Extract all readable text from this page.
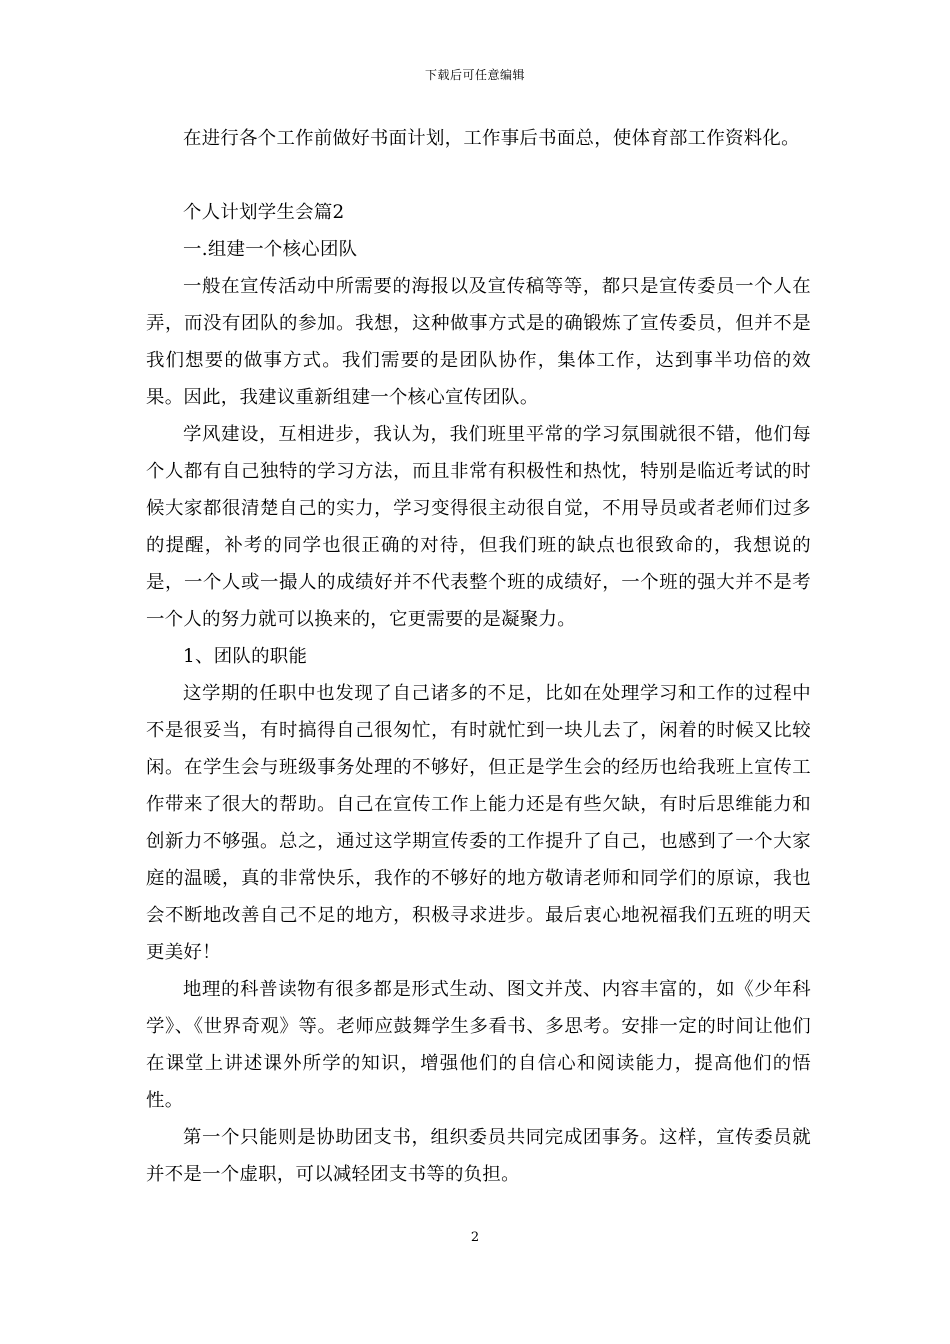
下载后可任意编辑

在进行各个工作前做好书面计划，工作事后书面总，使体育部工作资料化。

个人计划学生会篇2

一.组建一个核心团队

一般在宣传活动中所需要的海报以及宣传稿等等，都只是宣传委员一个人在弄，而没有团队的参加。我想，这种做事方式是的确锻炼了宣传委员，但并不是我们想要的做事方式。我们需要的是团队协作，集体工作，达到事半功倍的效果。因此，我建议重新组建一个核心宣传团队。

学风建设，互相进步，我认为，我们班里平常的学习氛围就很不错，他们每个人都有自己独特的学习方法，而且非常有积极性和热忱，特别是临近考试的时候大家都很清楚自己的实力，学习变得很主动很自觉，不用导员或者老师们过多的提醒，补考的同学也很正确的对待，但我们班的缺点也很致命的，我想说的是，一个人或一撮人的成绩好并不代表整个班的成绩好，一个班的强大并不是考一个人的努力就可以换来的，它更需要的是凝聚力。

1、团队的职能

这学期的任职中也发现了自己诸多的不足，比如在处理学习和工作的过程中不是很妥当，有时搞得自己很匆忙，有时就忙到一块儿去了，闲着的时候又比较闲。在学生会与班级事务处理的不够好，但正是学生会的经历也给我班上宣传工作带来了很大的帮助。自己在宣传工作上能力还是有些欠缺，有时后思维能力和创新力不够强。总之，通过这学期宣传委的工作提升了自己，也感到了一个大家庭的温暖，真的非常快乐，我作的不够好的地方敬请老师和同学们的原谅，我也会不断地改善自己不足的地方，积极寻求进步。最后衷心地祝福我们五班的明天更美好！

地理的科普读物有很多都是形式生动、图文并茂、内容丰富的，如《少年科学》、《世界奇观》等。老师应鼓舞学生多看书、多思考。安排一定的时间让他们在课堂上讲述课外所学的知识，增强他们的自信心和阅读能力，提高他们的悟性。

第一个只能则是协助团支书，组织委员共同完成团事务。这样，宣传委员就并不是一个虚职，可以减轻团支书等的负担。

2
